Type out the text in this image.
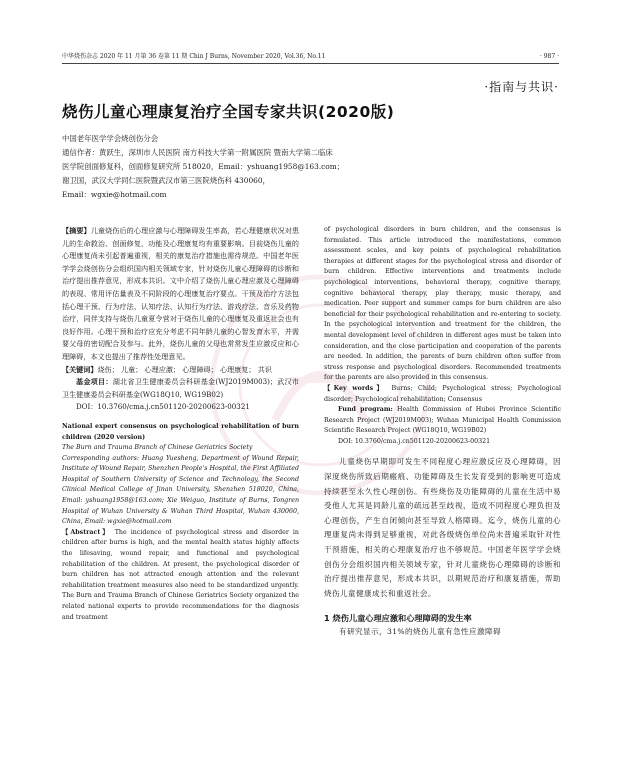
中华烧伤杂志 2020 年 11 月第 36 卷第 11 期 Chin J Burns, November 2020, Vol.36, No.11	· 987 ·
·指南与共识·
烧伤儿童心理康复治疗全国专家共识(2020版)
中国老年医学学会烧创伤分会
通信作者：黄跃生，深圳市人民医院 南方科技大学第一附属医院 暨南大学第二临床
医学院创面修复科，创面修复研究所 518020，Email：yshuang1958@163.com；
谢卫国，武汉大学同仁医院暨武汉市第三医院烧伤科 430060，
Email：wgxie@hotmail.com
【摘要】儿童烧伤后的心理应激与心理障碍发生率高，若心理健康状况对患儿的生命救治、创面修复、功能及心理康复均有重要影响。目前烧伤儿童的心理康复尚未引起普遍重视，相关的康复治疗措施也需待规范。中国老年医学学会烧创伤分会组织国内相关领域专家，针对烧伤儿童心理障碍的诊断和治疗提出推荐意见，形成本共识。文中介绍了烧伤儿童心理应激及心理障碍的表现、常用评估量表及不同阶段的心理康复治疗要点。干预及治疗方法包括心理干预、行为疗法、认知疗法、认知行为疗法、游戏疗法、音乐及药物治疗，同伴支持与烧伤儿童夏令营对于烧伤儿童的心理康复及重返社会也有良好作用。心理干预和治疗应充分考虑不同年龄儿童的心智发育水平，并需要父母的密切配合及参与。此外，烧伤儿童的父母也常常发生应激反应和心理障碍，本文也提出了推荐性处理意见。
【关键词】烧伤； 儿童； 心理应激； 心理障碍； 心理康复； 共识
基金项目：湖北省卫生健康委员会科研基金(WJ2019M003)；武汉市卫生健康委员会科研基金(WG18Q10, WG19B02)
DOI：10.3760/cma.j.cn501120-20200623-00321
National expert consensus on psychological rehabilitation of burn children (2020 version)
The Burn and Trauma Branch of Chinese Geriatrics Society
Corresponding authors: Huang Yuesheng, Department of Wound Repair, Institute of Wound Repair, Shenzhen People's Hospital, the First Affiliated Hospital of Southern University of Science and Technology, the Second Clinical Medical College of Jinan University, Shenzhen 518020, China, Email: yshuang1958@163.com; Xie Weiguo, Institute of Burns, Tongren Hospital of Wuhan University & Wuhan Third Hospital, Wuhan 430060, China, Email: wgxie@hotmail.com
【Abstract】 The incidence of psychological stress and disorder in children after burns is high, and the mental health status highly affects the lifesaving, wound repair, and functional and psychological rehabilitation of the children. At present, the psychological disorder of burn children has not attracted enough attention and the relevant rehabilitation treatment measures also need to be standardized urgently. The Burn and Trauma Branch of Chinese Geriatrics Society organized the related national experts to provide recommendations for the diagnosis and treatment
of psychological disorders in burn children, and the consensus is formulated. This article introduced the manifestations, common assessment scales, and key points of psychological rehabilitation therapies at different stages for the psychological stress and disorder of burn children. Effective interventions and treatments include psychological interventions, behavioral therapy, cognitive therapy, cognitive behavioral therapy, play therapy, music therapy, and medication. Peer support and summer camps for burn children are also beneficial for their psychological rehabilitation and re-entering to society. In the psychological intervention and treatment for the children, the mental development level of children in different ages must be taken into consideration, and the close participation and cooperation of the parents are needed. In addition, the parents of burn children often suffer from stress response and psychological disorders. Recommended treatments for the parents are also provided in this consensus.
【Key words】 Burns; Child; Psychological stress; Psychological disorder; Psychological rehabilitation; Consensus
Fund program: Health Commission of Hubei Province Scientific Research Project (WJ2019M003); Wuhan Municipal Health Commission Scientific Research Project (WG18Q10, WG19B02)
DOI: 10.3760/cma.j.cn501120-20200623-00321
儿童烧伤早期即可发生不同程度心理应激反应及心理障碍，因深度烧伤所致后期瘢痕、功能障碍及生长发育受到的影响更可造成持续甚至永久性心理创伤。有些烧伤及功能障碍的儿童在生活中易受他人尤其是同龄儿童的疏远甚至歧视，造成不同程度心理负担及心理创伤，产生自闭倾向甚至导致人格障碍。迄今，烧伤儿童的心理康复尚未得到足够重视，对此各级烧伤单位尚未普遍采取针对性干预措施，相关的心理康复治疗也不够规范。中国老年医学学会烧创伤分会组织国内相关领域专家，针对儿童烧伤心理障碍的诊断和治疗提出推荐意见，形成本共识，以期规范治疗和康复措施，帮助烧伤儿童健康成长和重返社会。
1 烧伤儿童心理应激和心理障碍的发生率
有研究显示，31%的烧伤儿童有急性应激障碍
